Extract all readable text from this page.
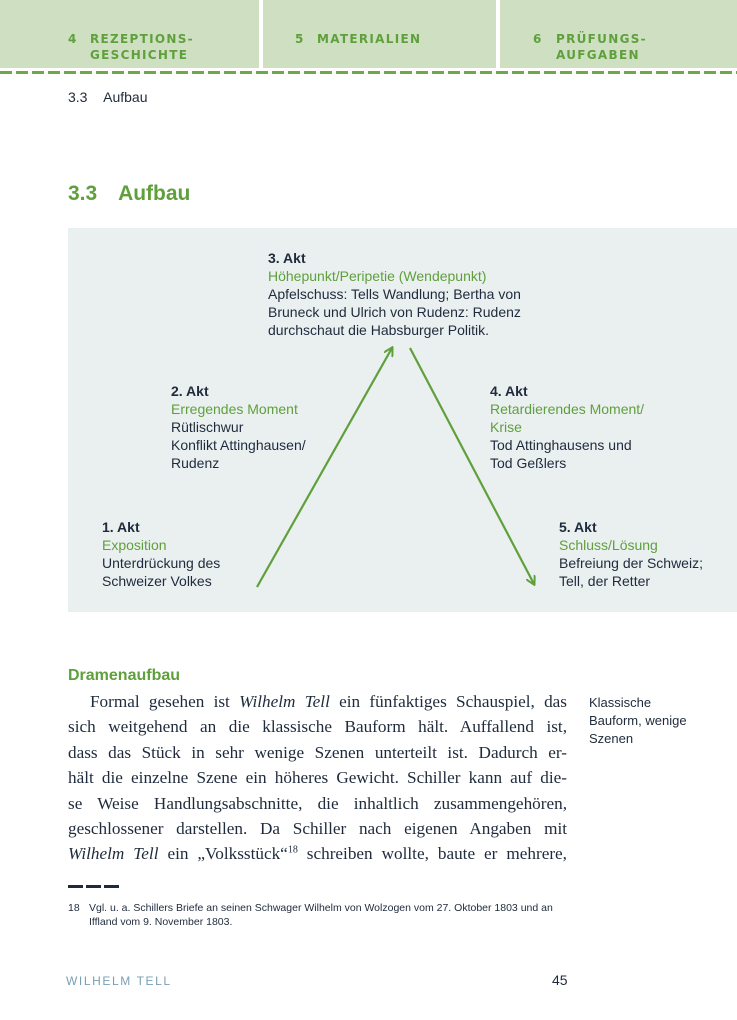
4 REZEPTIONS-
GESCHICHTE
5 MATERIALIEN	6 PRÜFUNGS-
AUFGABEN
3.3 Aufbau
3.3 Aufbau
3. Akt
Höhepunkt/Peripetie (Wendepunkt)
Apfelschuss: Tells Wandlung; Bertha von
Bruneck und Ulrich von Rudenz: Rudenz
durchschaut die Habsburger Politik.
2. Akt
Erregendes Moment
Rütlischwur
Konflikt Attinghausen/
Rudenz
4. Akt
Retardierendes Moment/
Krise
Tod Attinghausens und
Tod Geßlers
1. Akt
Exposition
Unterdrückung des
Schweizer Volkes
5. Akt
Schluss/Lösung
Befreiung der Schweiz;
Tell, der Retter
Dramenaufbau
Formal gesehen ist Wilhelm Tell ein fünfaktiges Schauspiel, das
sich weitgehend an die klassische Bauform hält. Auffallend ist,
dass das Stück in sehr wenige Szenen unterteilt ist. Dadurch er-
hält die einzelne Szene ein höheres Gewicht. Schiller kann auf die-
se Weise Handlungsabschnitte, die inhaltlich zusammengehören,
geschlossener darstellen. Da Schiller nach eigenen Angaben mit
Wilhelm Tell ein „Volksstück“$^{18}$ schreiben wollte, baute er mehrere,
Klassische
Bauform, wenige
Szenen
18 Vgl. u. a. Schillers Briefe an seinen Schwager Wilhelm von Wolzogen vom 27. Oktober 1803 und an Iffland vom 9. November 1803.
WILHELM TELL	45
